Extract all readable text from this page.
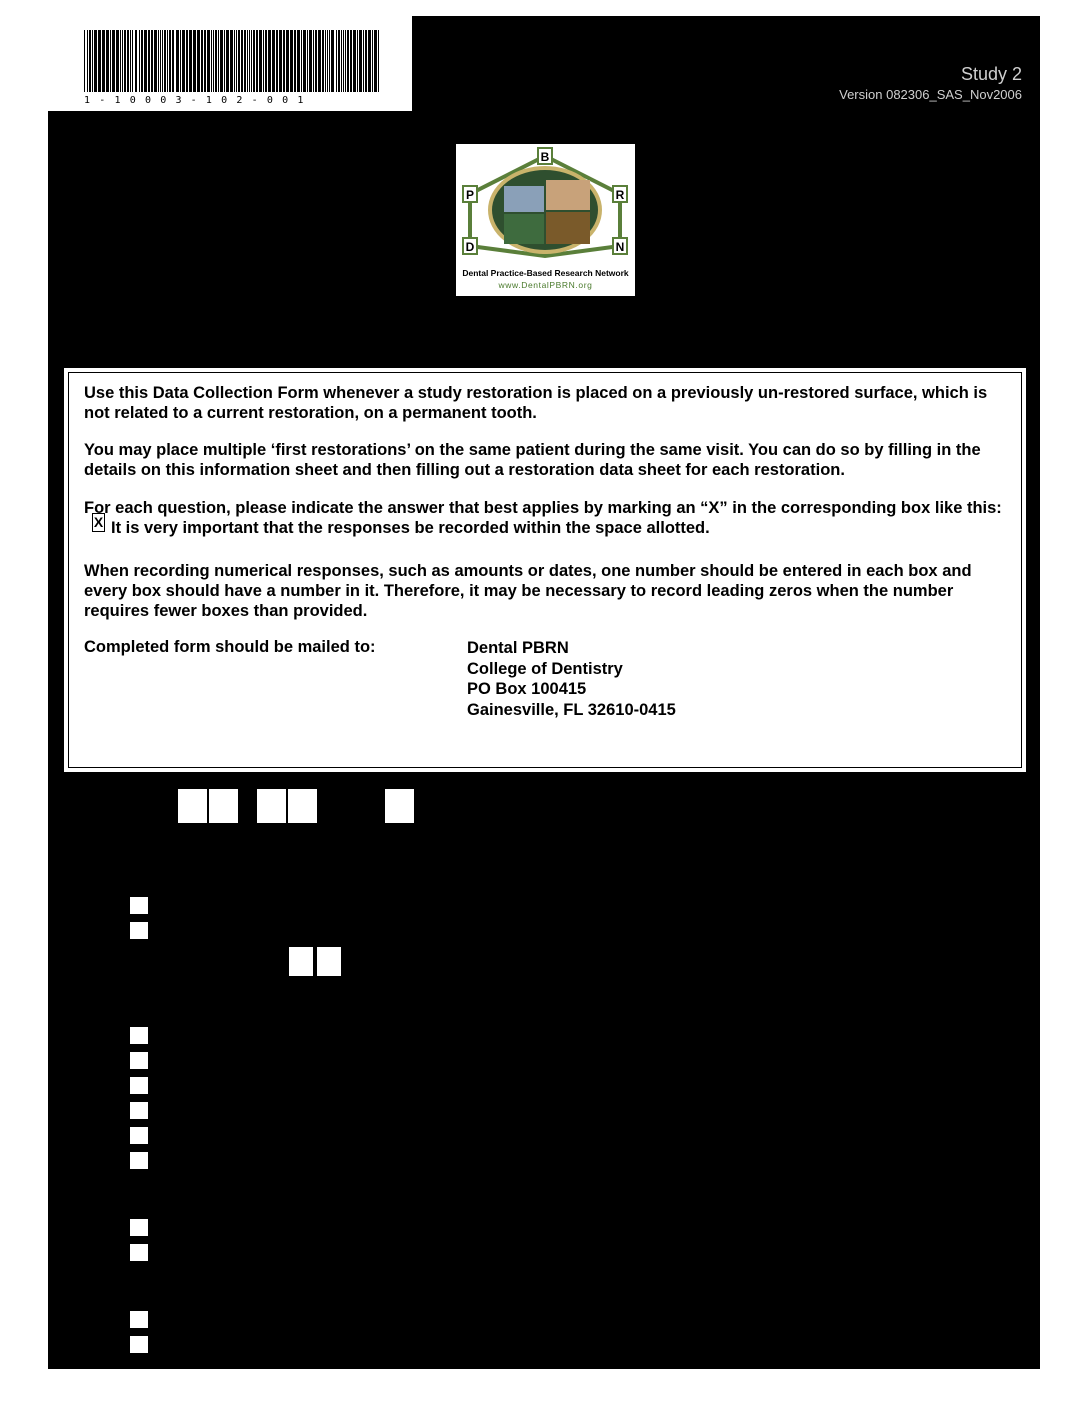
1 - 1 0 0 0 3 - 1 0 2 - 0 0 1
Study 2
Version 082306_SAS_Nov2006
B
P	R
D	N
Dental Practice-Based Research Network
www.DentalPBRN.org
Use this Data Collection Form whenever a study restoration is placed on a previously un-restored surface, which is not related to a current restoration, on a permanent tooth.
You may place multiple ‘first restorations’ on the same patient during the same visit. You can do so by filling in the details on this information sheet and then filling out a restoration data sheet for each restoration.
For each question, please indicate the answer that best applies by marking an “X” in the corresponding box like this:X It is very important that the responses be recorded within the space allotted.
When recording numerical responses, such as amounts or dates, one number should be entered in each box and every box should have a number in it. Therefore, it may be necessary to record leading zeros when the number requires fewer boxes than provided.
Completed form should be mailed to:	Dental PBRN
College of Dentistry
PO Box 100415
Gainesville, FL 32610-0415
